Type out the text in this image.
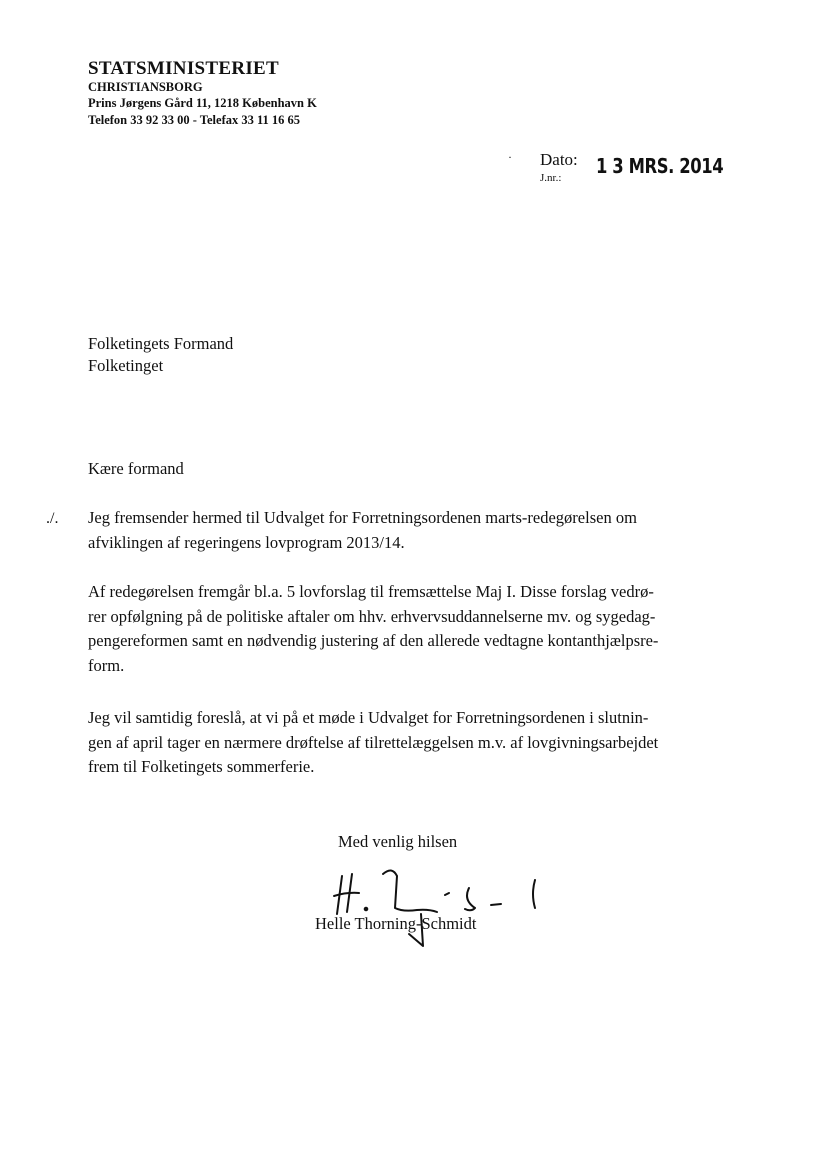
STATSMINISTERIET
CHRISTIANSBORG
Prins Jørgens Gård 11, 1218 København K
Telefon 33 92 33 00 - Telefax 33 11 16 65
· Dato:
J.nr.: 1 3 MRS. 2014
Folketingets Formand
Folketinget
Kære formand
./. Jeg fremsender hermed til Udvalget for Forretningsordenen marts-redegørelsen om
afviklingen af regeringens lovprogram 2013/14.
Af redegørelsen fremgår bl.a. 5 lovforslag til fremsættelse Maj I. Disse forslag vedrø-
rer opfølgning på de politiske aftaler om hhv. erhvervsuddannelserne mv. og sygedag-
pengereformen samt en nødvendig justering af den allerede vedtagne kontanthjælpsre-
form.
Jeg vil samtidig foreslå, at vi på et møde i Udvalget for Forretningsordenen i slutnin-
gen af april tager en nærmere drøftelse af tilrettelæggelsen m.v. af lovgivningsarbejdet
frem til Folketingets sommerferie.
Med venlig hilsen
Helle Thorning-Schmidt
